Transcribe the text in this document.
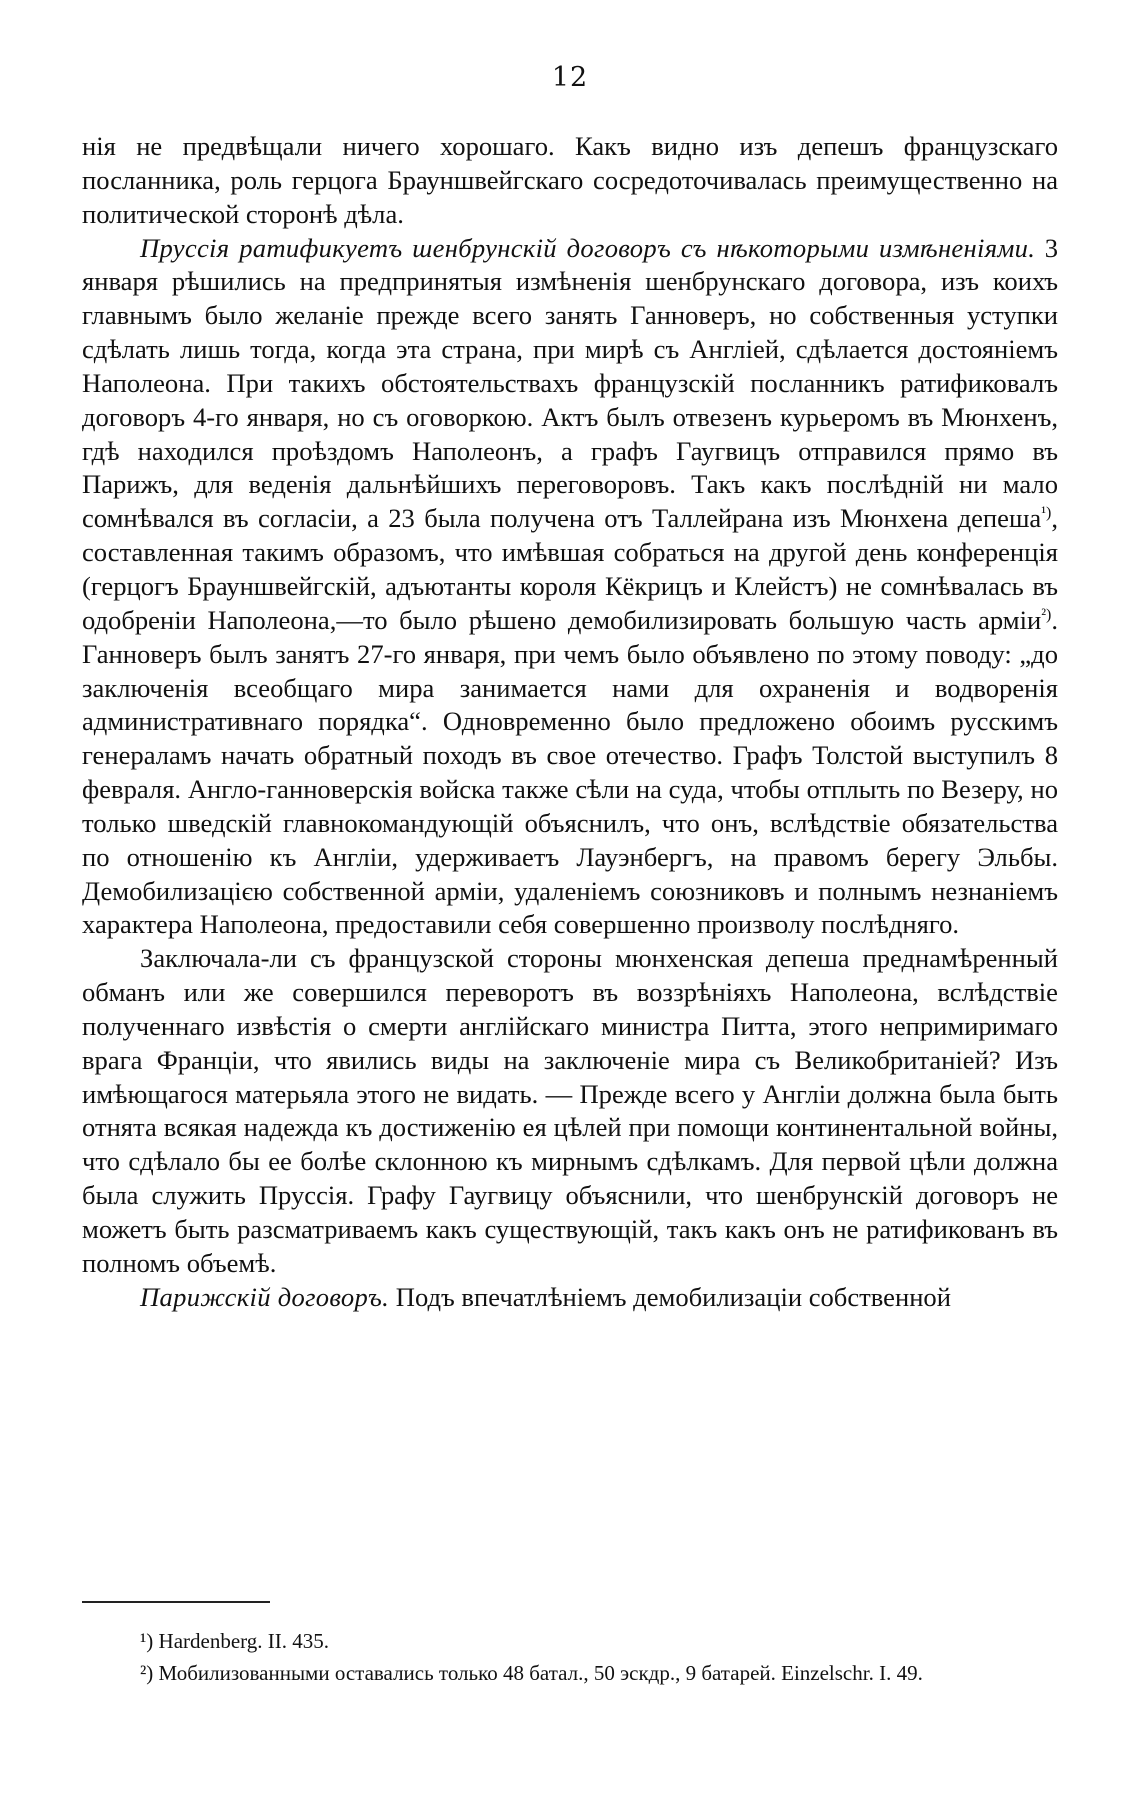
12

нія не предвѣщали ничего хорошаго. Какъ видно изъ депешъ французскаго посланника, роль герцога Брауншвейгскаго сосредоточивалась преимущественно на политической сторонѣ дѣла.

Пруссія ратификуетъ шенбрунскій договоръ съ нѣкоторыми измѣненіями. 3 января рѣшились на предпринятыя измѣненія шенбрунскаго договора, изъ коихъ главнымъ было желаніе прежде всего занять Ганноверъ, но собственныя уступки сдѣлать лишь тогда, когда эта страна, при мирѣ съ Англіей, сдѣлается достояніемъ Наполеона. При такихъ обстоятельствахъ французскій посланникъ ратификовалъ договоръ 4-го января, но съ оговоркою. Актъ былъ отвезенъ курьеромъ въ Мюнхенъ, гдѣ находился проѣздомъ Наполеонъ, а графъ Гаугвицъ отправился прямо въ Парижъ, для веденія дальнѣйшихъ переговоровъ. Такъ какъ послѣдній ни мало сомнѣвался въ согласіи, а 23 была получена отъ Таллейрана изъ Мюнхена депеша$^{^1)}$, составленная такимъ образомъ, что имѣвшая собраться на другой день конференція (герцогъ Брауншвейгскій, адъютанты короля Кёкрицъ и Клейстъ) не сомнѣвалась въ одобреніи Наполеона,—то было рѣшено демобилизировать большую часть арміи$^{^2)}$. Ганноверъ былъ занятъ 27-го января, при чемъ было объявлено по этому поводу: „до заключенія всеобщаго мира занимается нами для охраненія и водворенія административнаго порядка“. Одновременно было предложено обоимъ русскимъ генераламъ начать обратный походъ въ свое отечество. Графъ Толстой выступилъ 8 февраля. Англо-ганноверскія войска также сѣли на суда, чтобы отплыть по Везеру, но только шведскій главнокомандующій объяснилъ, что онъ, вслѣдствіе обязательства по отношенію къ Англіи, удерживаетъ Лауэнбергъ, на правомъ берегу Эльбы. Демобилизацією собственной арміи, удаленіемъ союзниковъ и полнымъ незнаніемъ характера Наполеона, предоставили себя совершенно произволу послѣдняго.

Заключала-ли съ французской стороны мюнхенская депеша преднамѣренный обманъ или же совершился переворотъ въ воззрѣніяхъ Наполеона, вслѣдствіе полученнаго извѣстія о смерти англійскаго министра Питта, этого непримиримаго врага Франціи, что явились виды на заключеніе мира съ Великобританіей? Изъ имѣющагося матерьяла этого не видать. — Прежде всего у Англіи должна была быть отнята всякая надежда къ достиженію ея цѣлей при помощи континентальной войны, что сдѣлало бы ее болѣе склонною къ мирнымъ сдѣлкамъ. Для первой цѣли должна была служить Пруссія. Графу Гаугвицу объяснили, что шенбрунскій договоръ не можетъ быть разсматриваемъ какъ существующій, такъ какъ онъ не ратификованъ въ полномъ объемѣ.

Парижскій договоръ. Подъ впечатлѣніемъ демобилизаціи собственной

¹) Hardenberg. II. 435.

²) Мобилизованными оставались только 48 батал., 50 эскдр., 9 батарей. Einzelschr. I. 49.
